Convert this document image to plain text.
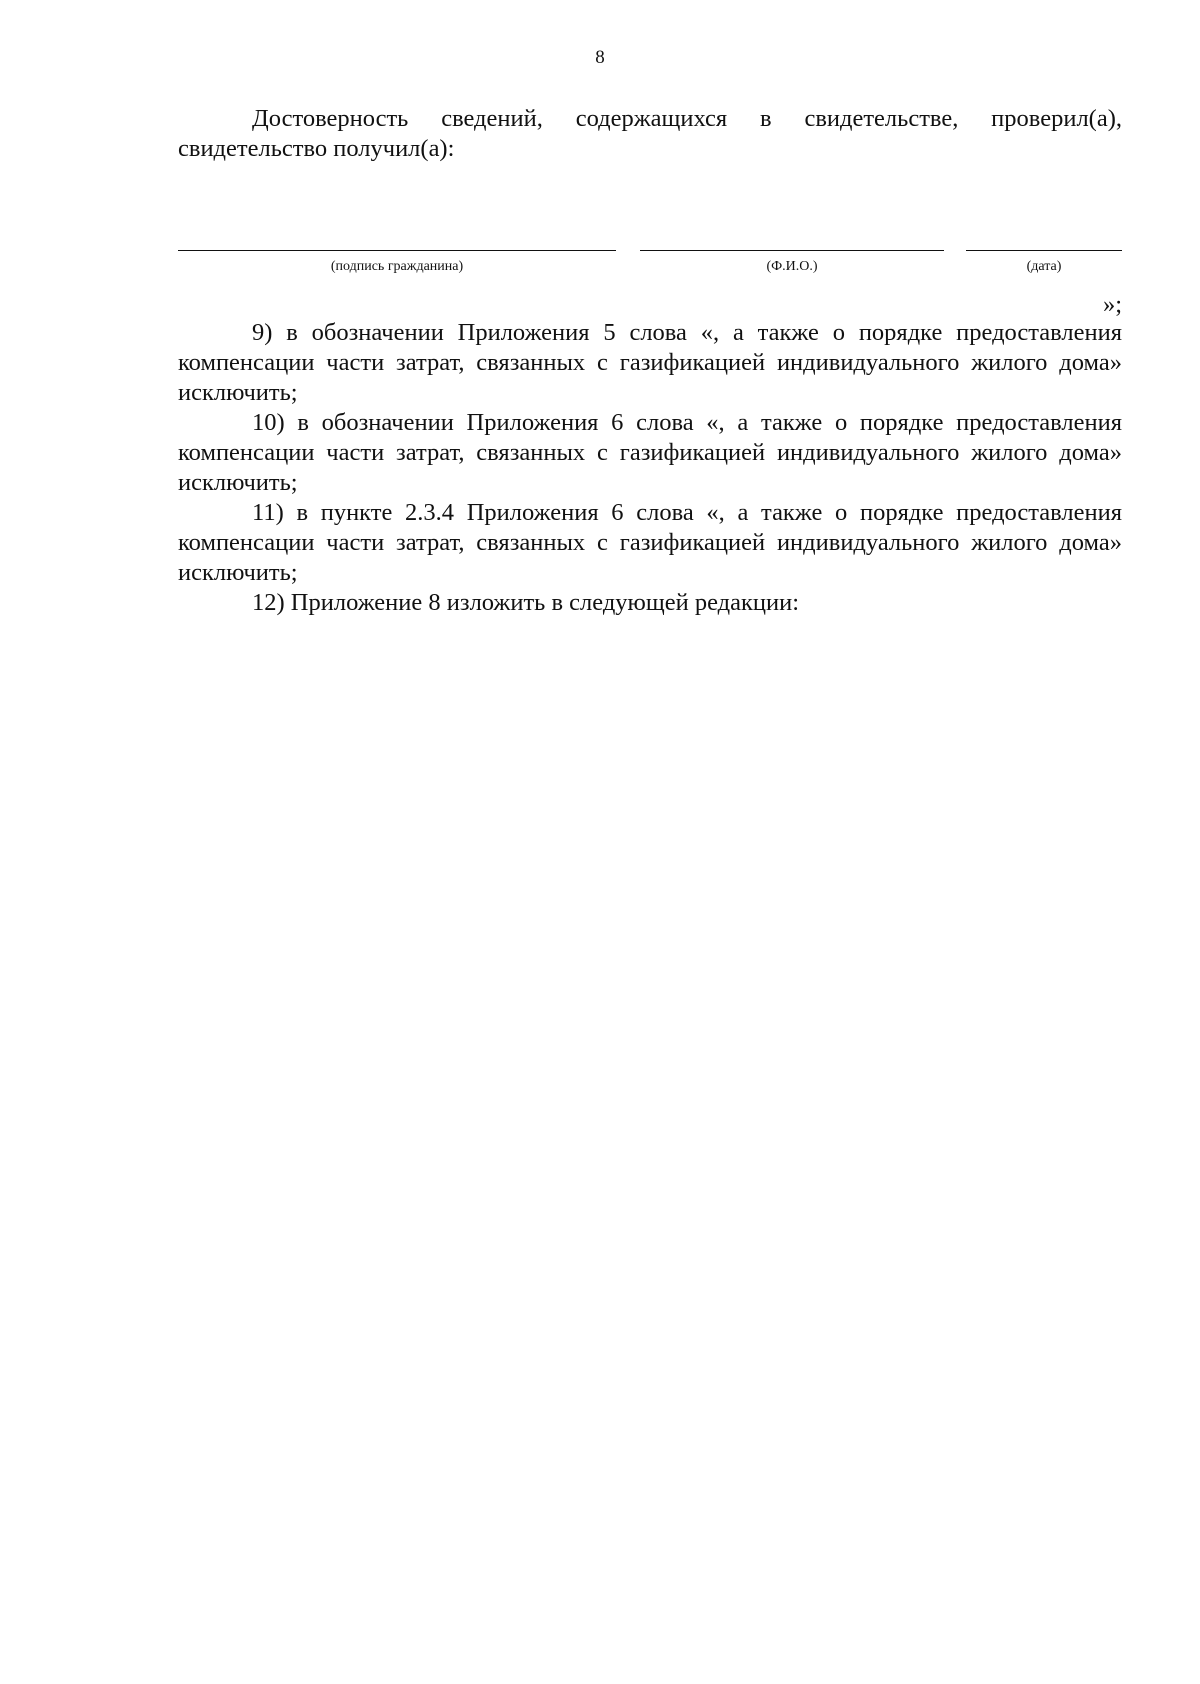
8

Достоверность сведений, содержащихся в свидетельстве, проверил(а), свидетельство получил(а):

(подпись гражданина)	(Ф.И.О.)	(дата)
»;

9) в обозначении Приложения 5 слова «, а также о порядке предоставления компенсации части затрат, связанных с газификацией индивидуального жилого дома» исключить;

10) в обозначении Приложения 6 слова «, а также о порядке предоставления компенсации части затрат, связанных с газификацией индивидуального жилого дома» исключить;

11) в пункте 2.3.4 Приложения 6 слова «, а также о порядке предоставления компенсации части затрат, связанных с газификацией индивидуального жилого дома» исключить;

12) Приложение 8 изложить в следующей редакции:
